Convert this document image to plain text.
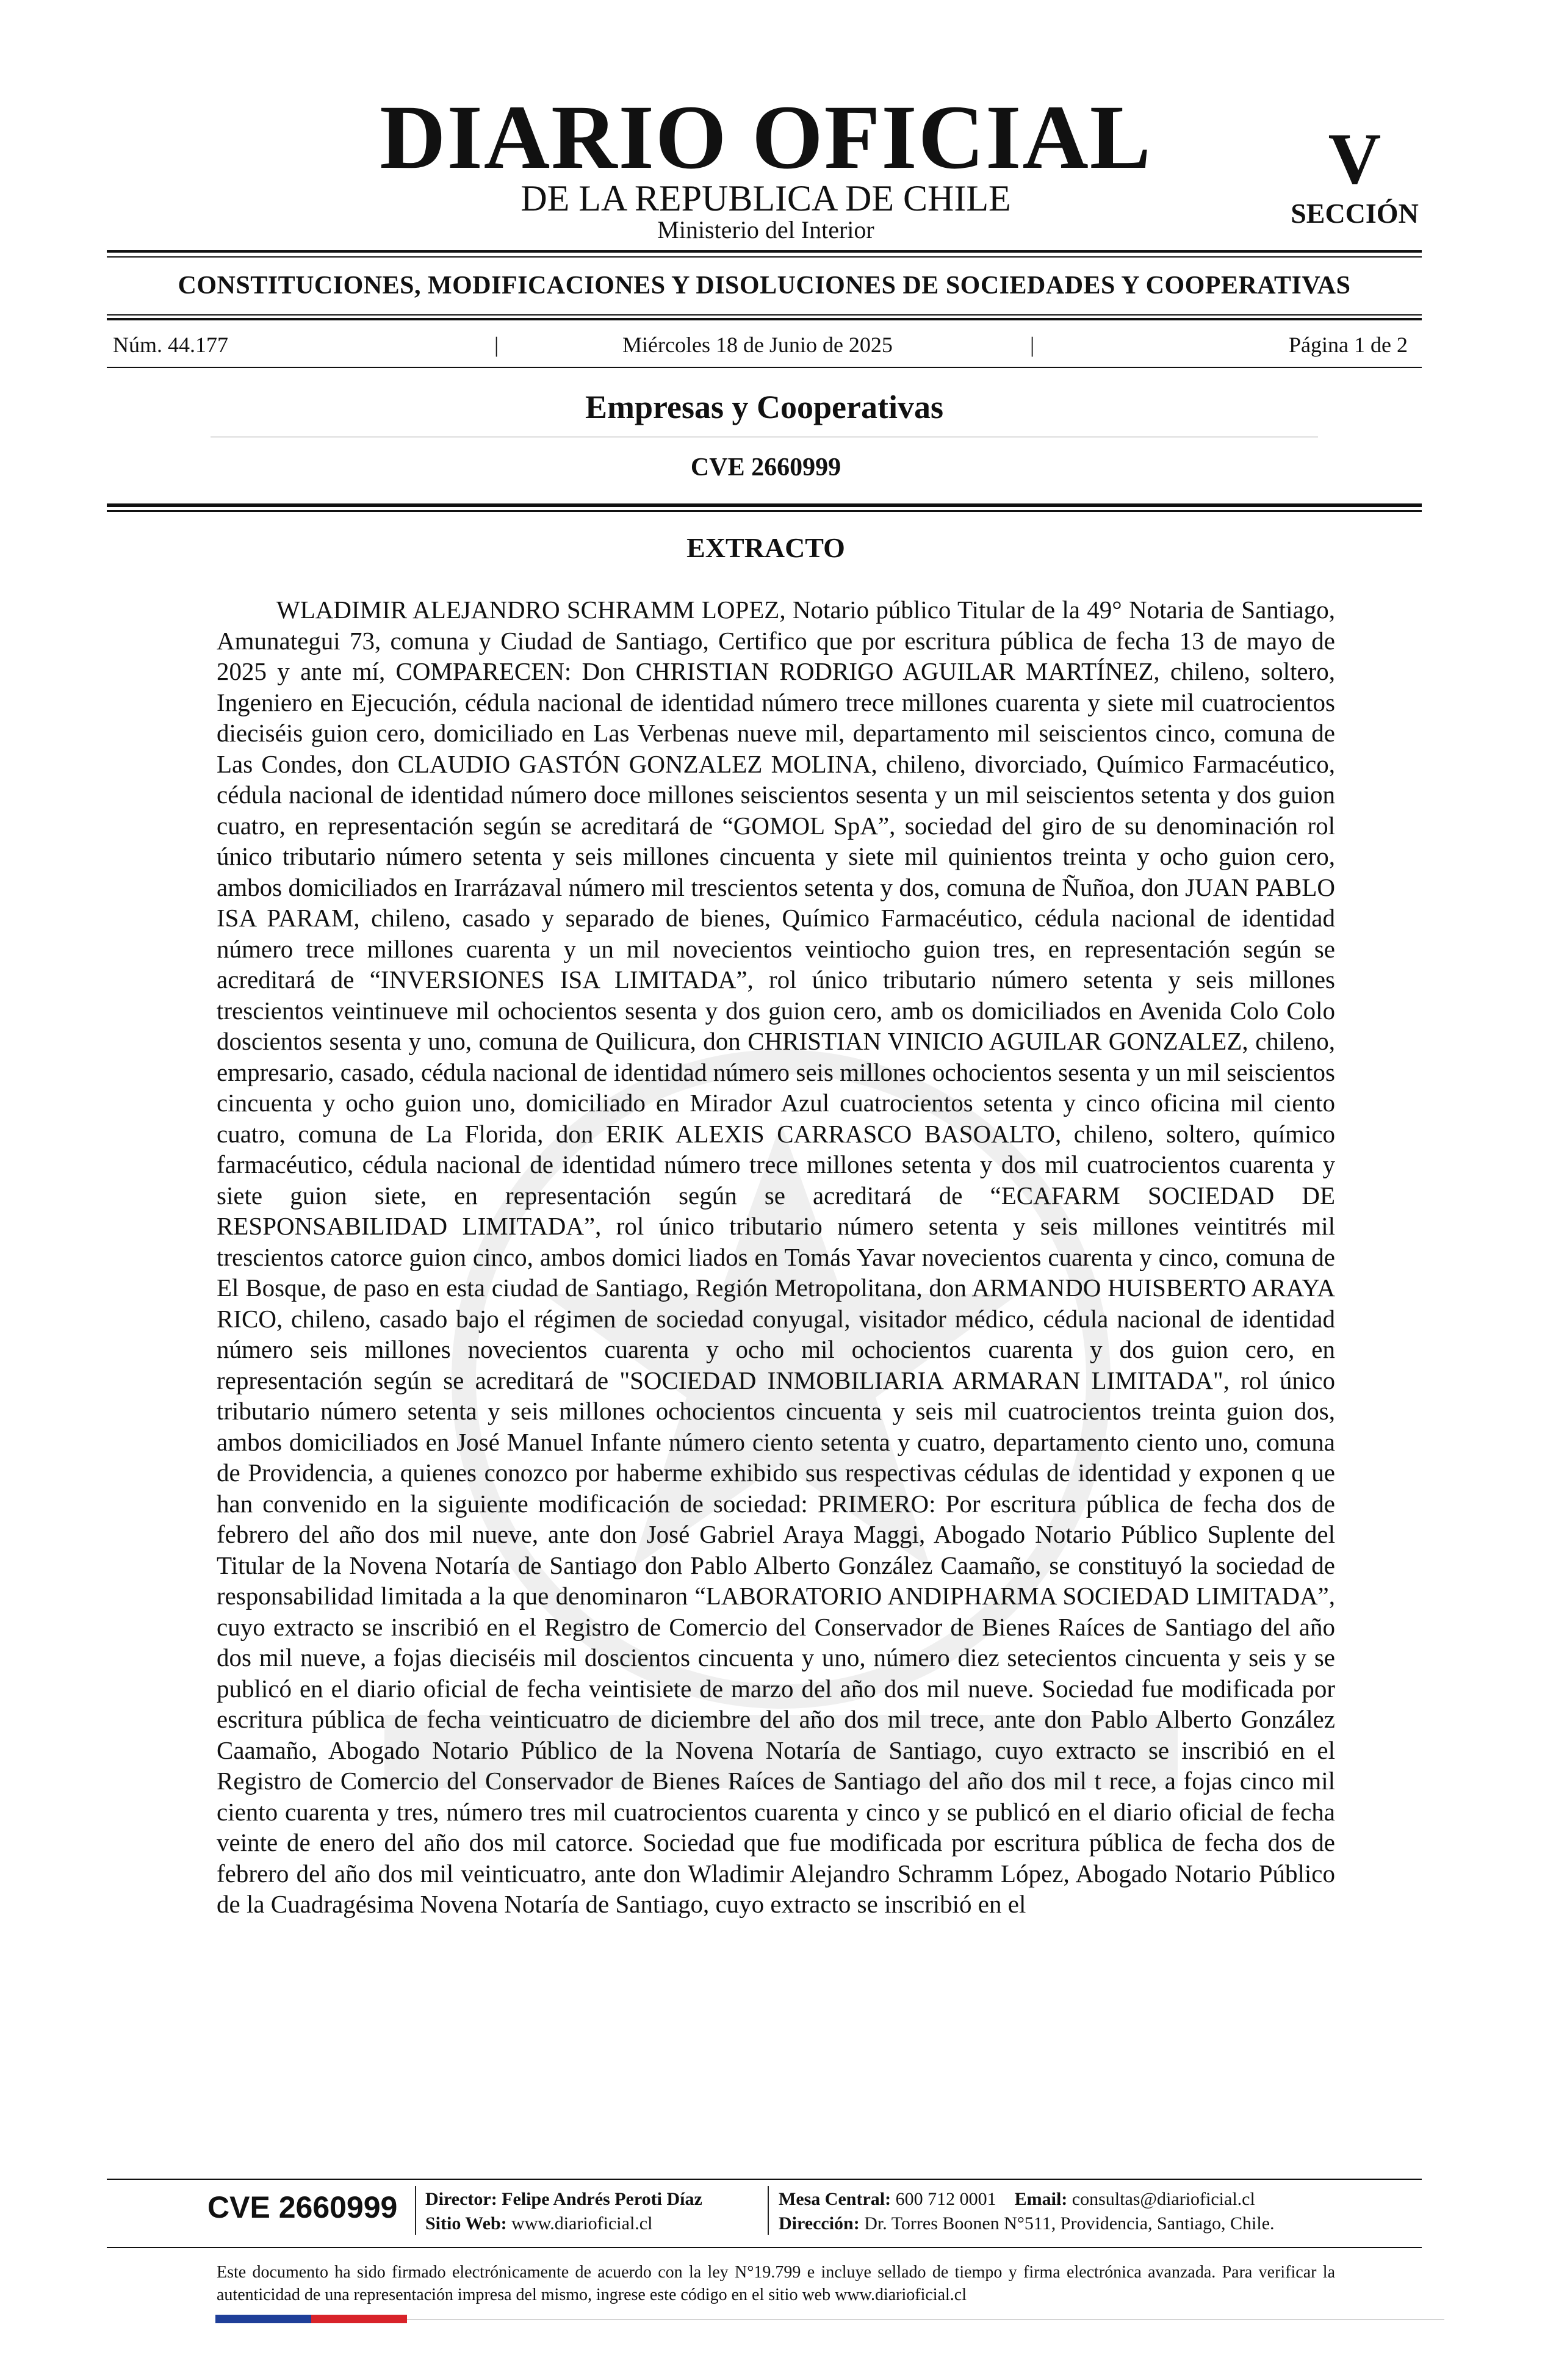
DIARIO OFICIAL
DE LA REPUBLICA DE CHILE
Ministerio del Interior
V
SECCIÓN
CONSTITUCIONES, MODIFICACIONES Y DISOLUCIONES DE SOCIEDADES Y COOPERATIVAS
Núm. 44.177	|	Miércoles 18 de Junio de 2025	|	Página 1 de 2
Empresas y Cooperativas
CVE 2660999
EXTRACTO

WLADIMIR ALEJANDRO SCHRAMM LOPEZ, Notario público Titular de la 49° Notaria de Santiago, Amunategui 73, comuna y Ciudad de Santiago, Certifico que por escritura pública de fecha 13 de mayo de 2025 y ante mí, COMPARECEN: Don CHRISTIAN RODRIGO AGUILAR MARTÍNEZ, chileno, soltero, Ingeniero en Ejecución, cédula nacional de identidad número trece millones cuarenta y siete mil cuatrocientos dieciséis guion cero, domiciliado en Las Verbenas nueve mil, departamento mil seiscientos cinco, comuna de Las Condes, don CLAUDIO GASTÓN GONZALEZ MOLINA, chileno, divorciado, Químico Farmacéutico, cédula nacional de identidad número doce millones seiscientos sesenta y un mil seiscientos setenta y dos guion cuatro, en representación según se acreditará de “GOMOL SpA”, sociedad del giro de su denominación rol único tributario número setenta y seis millones cincuenta y siete mil quinientos treinta y ocho guion cero, ambos domiciliados en Irarrázaval número mil trescientos setenta y dos, comuna de Ñuñoa, don JUAN PABLO ISA PARAM, chileno, casado y separado de bienes, Químico Farmacéutico, cédula nacional de identidad número trece millones cuarenta y un mil novecientos veintiocho guion tres, en representación según se acreditará de “INVERSIONES ISA LIMITADA”, rol único tributario número setenta y seis millones trescientos veintinueve mil ochocientos sesenta y dos guion cero, amb os domiciliados en Avenida Colo Colo doscientos sesenta y uno, comuna de Quilicura, don CHRISTIAN VINICIO AGUILAR GONZALEZ, chileno, empresario, casado, cédula nacional de identidad número seis millones ochocientos sesenta y un mil seiscientos cincuenta y ocho guion uno, domiciliado en Mirador Azul cuatrocientos setenta y cinco oficina mil ciento cuatro, comuna de La Florida, don ERIK ALEXIS CARRASCO BASOALTO, chileno, soltero, químico farmacéutico, cédula nacional de identidad número trece millones setenta y dos mil cuatrocientos cuarenta y siete guion siete, en representación según se acreditará de “ECAFARM SOCIEDAD DE RESPONSABILIDAD LIMITADA”, rol único tributario número setenta y seis millones veintitrés mil trescientos catorce guion cinco, ambos domici liados en Tomás Yavar novecientos cuarenta y cinco, comuna de El Bosque, de paso en esta ciudad de Santiago, Región Metropolitana, don ARMANDO HUISBERTO ARAYA RICO, chileno, casado bajo el régimen de sociedad conyugal, visitador médico, cédula nacional de identidad número seis millones novecientos cuarenta y ocho mil ochocientos cuarenta y dos guion cero, en representación según se acreditará de "SOCIEDAD INMOBILIARIA ARMARAN LIMITADA", rol único tributario número setenta y seis millones ochocientos cincuenta y seis mil cuatrocientos treinta guion dos, ambos domiciliados en José Manuel Infante número ciento setenta y cuatro, departamento ciento uno, comuna de Providencia, a quienes conozco por haberme exhibido sus respectivas cédulas de identidad y exponen q ue han convenido en la siguiente modificación de sociedad: PRIMERO: Por escritura pública de fecha dos de febrero del año dos mil nueve, ante don José Gabriel Araya Maggi, Abogado Notario Público Suplente del Titular de la Novena Notaría de Santiago don Pablo Alberto González Caamaño, se constituyó la sociedad de responsabilidad limitada a la que denominaron “LABORATORIO ANDIPHARMA SOCIEDAD LIMITADA”, cuyo extracto se inscribió en el Registro de Comercio del Conservador de Bienes Raíces de Santiago del año dos mil nueve, a fojas dieciséis mil doscientos cincuenta y uno, número diez setecientos cincuenta y seis y se publicó en el diario oficial de fecha veintisiete de marzo del año dos mil nueve. Sociedad fue modificada por escritura pública de fecha veinticuatro de diciembre del año dos mil trece, ante don Pablo Alberto González Caamaño, Abogado Notario Público de la Novena Notaría de Santiago, cuyo extracto se inscribió en el Registro de Comercio del Conservador de Bienes Raíces de Santiago del año dos mil t rece, a fojas cinco mil ciento cuarenta y tres, número tres mil cuatrocientos cuarenta y cinco y se publicó en el diario oficial de fecha veinte de enero del año dos mil catorce. Sociedad que fue modificada por escritura pública de fecha dos de febrero del año dos mil veinticuatro, ante don Wladimir Alejandro Schramm López, Abogado Notario Público de la Cuadragésima Novena Notaría de Santiago, cuyo extracto se inscribió en el

CVE 2660999 Director: Felipe Andrés Peroti Díaz
Sitio Web: www.diarioficial.cl
Mesa Central: 600 712 0001 Email: consultas@diarioficial.cl
Dirección: Dr. Torres Boonen N°511, Providencia, Santiago, Chile.

Este documento ha sido firmado electrónicamente de acuerdo con la ley N°19.799 e incluye sellado de tiempo y firma electrónica avanzada. Para verificar la autenticidad de una representación impresa del mismo, ingrese este código en el sitio web www.diarioficial.cl
